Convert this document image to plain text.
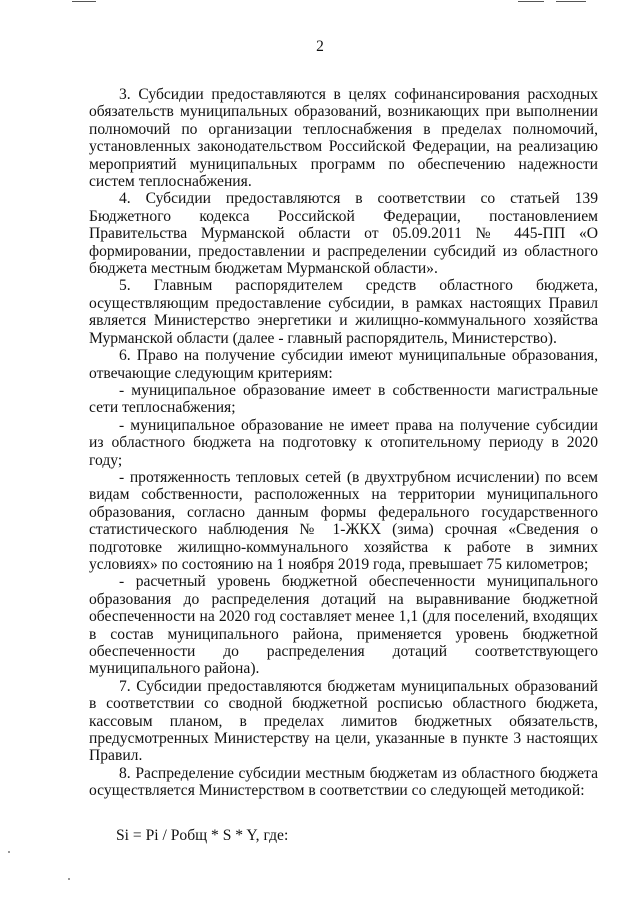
2

3. Субсидии предоставляются в целях софинансирования расходных обязательств муниципальных образований, возникающих при выполнении полномочий по организации теплоснабжения в пределах полномочий, установленных законодательством Российской Федерации, на реализацию мероприятий муниципальных программ по обеспечению надежности систем теплоснабжения.

4. Субсидии предоставляются в соответствии со статьей 139 Бюджетного кодекса Российской Федерации, постановлением Правительства Мурманской области от 05.09.2011 № 445-ПП «О формировании, предоставлении и распределении субсидий из областного бюджета местным бюджетам Мурманской области».

5. Главным распорядителем средств областного бюджета, осуществляющим предоставление субсидии, в рамках настоящих Правил является Министерство энергетики и жилищно-коммунального хозяйства Мурманской области (далее - главный распорядитель, Министерство).

6. Право на получение субсидии имеют муниципальные образования, отвечающие следующим критериям:

- муниципальное образование имеет в собственности магистральные сети теплоснабжения;

- муниципальное образование не имеет права на получение субсидии из областного бюджета на подготовку к отопительному периоду в 2020 году;

- протяженность тепловых сетей (в двухтрубном исчислении) по всем видам собственности, расположенных на территории муниципального образования, согласно данным формы федерального государственного статистического наблюдения № 1-ЖКХ (зима) срочная «Сведения о подготовке жилищно-коммунального хозяйства к работе в зимних условиях» по состоянию на 1 ноября 2019 года, превышает 75 километров;

- расчетный уровень бюджетной обеспеченности муниципального образования до распределения дотаций на выравнивание бюджетной обеспеченности на 2020 год составляет менее 1,1 (для поселений, входящих в состав муниципального района, применяется уровень бюджетной обеспеченности до распределения дотаций соответствующего муниципального района).

7. Субсидии предоставляются бюджетам муниципальных образований в соответствии со сводной бюджетной росписью областного бюджета, кассовым планом, в пределах лимитов бюджетных обязательств, предусмотренных Министерству на цели, указанные в пункте 3 настоящих Правил.

8. Распределение субсидии местным бюджетам из областного бюджета осуществляется Министерством в соответствии со следующей методикой:

Si = Pi / Pобщ * S * Y, где:
